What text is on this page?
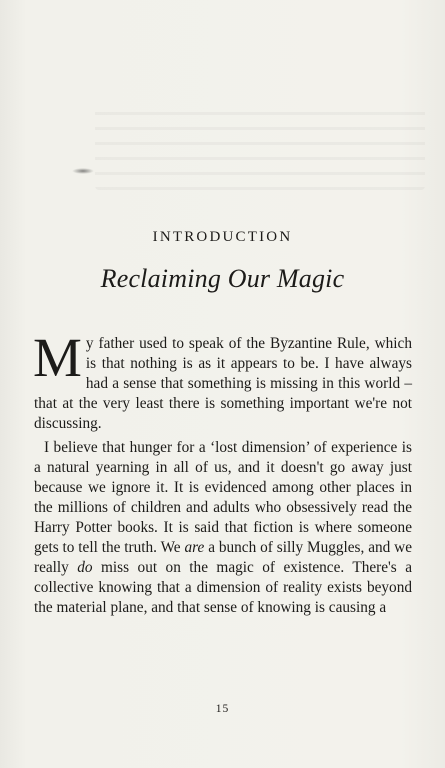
INTRODUCTION
Reclaiming Our Magic

My father used to speak of the Byzantine Rule, which is that nothing is as it appears to be. I have always had a sense that something is missing in this world – that at the very least there is something important we're not discussing.

I believe that hunger for a ‘lost dimension’ of experience is a natural yearning in all of us, and it doesn't go away just because we ignore it. It is evidenced among other places in the millions of children and adults who obsessively read the Harry Potter books. It is said that fiction is where someone gets to tell the truth. We are a bunch of silly Muggles, and we really do miss out on the magic of existence. There's a collective knowing that a dimension of reality exists beyond the material plane, and that sense of knowing is causing a

15
